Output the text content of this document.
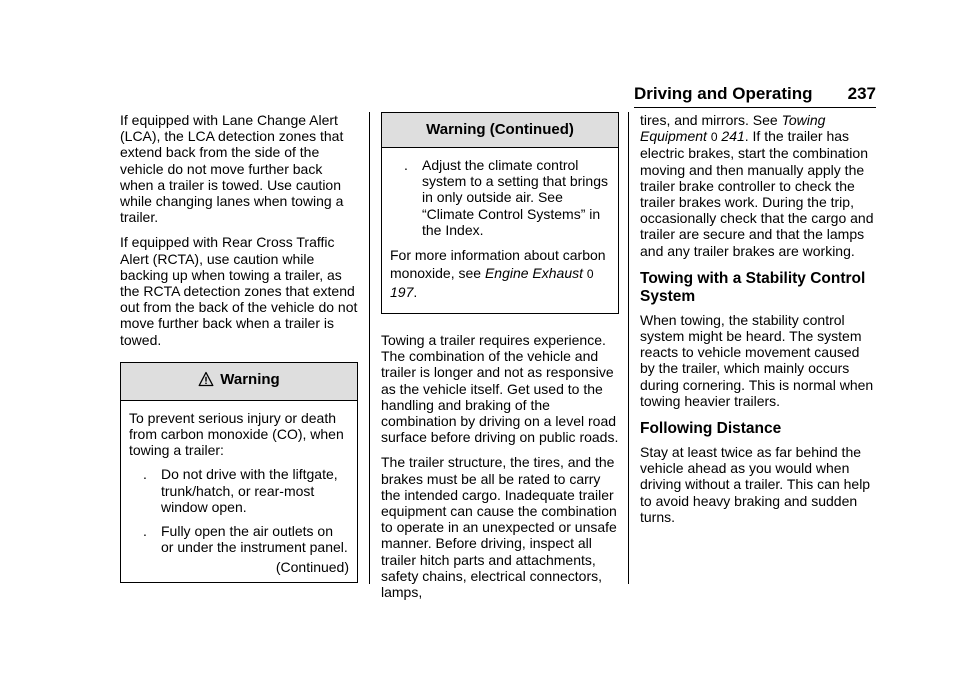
Driving and Operating 237

If equipped with Lane Change Alert (LCA), the LCA detection zones that extend back from the side of the vehicle do not move further back when a trailer is towed. Use caution while changing lanes when towing a trailer.

If equipped with Rear Cross Traffic Alert (RCTA), use caution while backing up when towing a trailer, as the RCTA detection zones that extend out from the back of the vehicle do not move further back when a trailer is towed.

Warning

To prevent serious injury or death from carbon monoxide (CO), when towing a trailer:

.	Do not drive with the liftgate, trunk/hatch, or rear-most window open.
.	Fully open the air outlets on or under the instrument panel.
(Continued)
Warning (Continued)
.	Adjust the climate control system to a setting that brings in only outside air. See “Climate Control Systems” in the Index.

For more information about carbon monoxide, see Engine Exhaust 0 197.

Towing a trailer requires experience. The combination of the vehicle and trailer is longer and not as responsive as the vehicle itself. Get used to the handling and braking of the combination by driving on a level road surface before driving on public roads.

The trailer structure, the tires, and the brakes must be all be rated to carry the intended cargo. Inadequate trailer equipment can cause the combination to operate in an unexpected or unsafe manner. Before driving, inspect all trailer hitch parts and attachments, safety chains, electrical connectors, lamps,

tires, and mirrors. See Towing Equipment 0 241. If the trailer has electric brakes, start the combination moving and then manually apply the trailer brake controller to check the trailer brakes work. During the trip, occasionally check that the cargo and trailer are secure and that the lamps and any trailer brakes are working.

Towing with a Stability Control System

When towing, the stability control system might be heard. The system reacts to vehicle movement caused by the trailer, which mainly occurs during cornering. This is normal when towing heavier trailers.

Following Distance

Stay at least twice as far behind the vehicle ahead as you would when driving without a trailer. This can help to avoid heavy braking and sudden turns.
